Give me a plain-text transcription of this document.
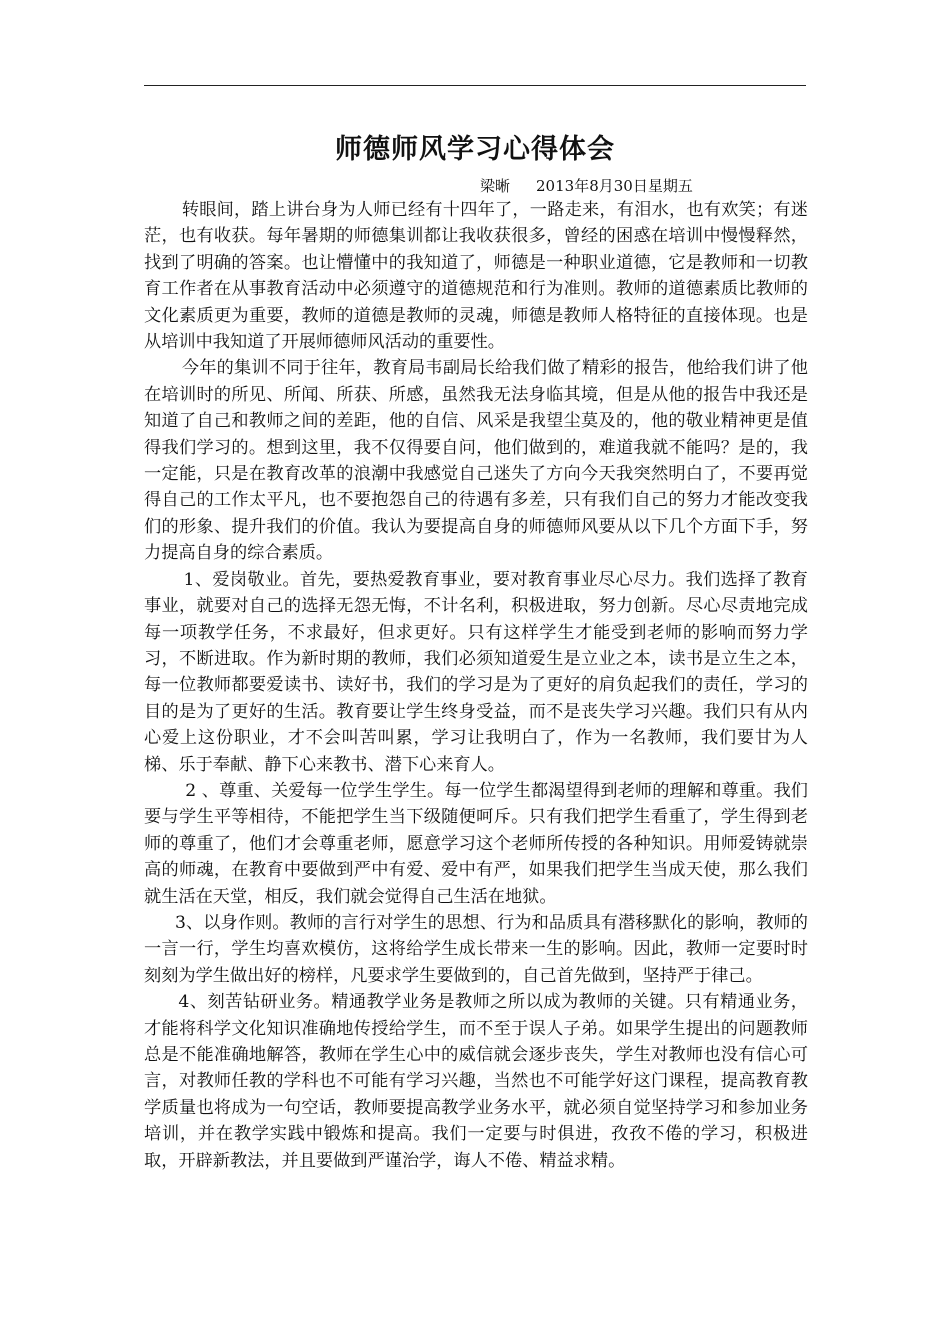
师德师风学习心得体会
梁晰 2013年8月30日星期五

转眼间，踏上讲台身为人师已经有十四年了，一路走来，有泪水，也有欢笑；有迷茫，也有收获。每年暑期的师德集训都让我收获很多，曾经的困惑在培训中慢慢释然，找到了明确的答案。也让懵懂中的我知道了，师德是一种职业道德，它是教师和一切教育工作者在从事教育活动中必须遵守的道德规范和行为准则。教师的道德素质比教师的文化素质更为重要，教师的道德是教师的灵魂，师德是教师人格特征的直接体现。也是从培训中我知道了开展师德师风活动的重要性。

今年的集训不同于往年，教育局韦副局长给我们做了精彩的报告，他给我们讲了他在培训时的所见、所闻、所获、所感，虽然我无法身临其境，但是从他的报告中我还是知道了自己和教师之间的差距，他的自信、风采是我望尘莫及的，他的敬业精神更是值得我们学习的。想到这里，我不仅得要自问，他们做到的，难道我就不能吗？是的，我一定能，只是在教育改革的浪潮中我感觉自己迷失了方向今天我突然明白了，不要再觉得自己的工作太平凡，也不要抱怨自己的待遇有多差，只有我们自己的努力才能改变我们的形象、提升我们的价值。我认为要提高自身的师德师风要从以下几个方面下手，努力提高自身的综合素质。

1、爱岗敬业。首先，要热爱教育事业，要对教育事业尽心尽力。我们选择了教育事业，就要对自己的选择无怨无悔，不计名利，积极进取，努力创新。尽心尽责地完成每一项教学任务，不求最好，但求更好。只有这样学生才能受到老师的影响而努力学习，不断进取。作为新时期的教师，我们必须知道爱生是立业之本，读书是立生之本，每一位教师都要爱读书、读好书，我们的学习是为了更好的肩负起我们的责任，学习的目的是为了更好的生活。教育要让学生终身受益，而不是丧失学习兴趣。我们只有从内心爱上这份职业，才不会叫苦叫累，学习让我明白了，作为一名教师，我们要甘为人梯、乐于奉献、静下心来教书、潜下心来育人。

2 、尊重、关爱每一位学生学生。每一位学生都渴望得到老师的理解和尊重。我们要与学生平等相待，不能把学生当下级随便呵斥。只有我们把学生看重了，学生得到老师的尊重了，他们才会尊重老师，愿意学习这个老师所传授的各种知识。用师爱铸就崇高的师魂，在教育中要做到严中有爱、爱中有严，如果我们把学生当成天使，那么我们就生活在天堂，相反，我们就会觉得自己生活在地狱。

3、以身作则。教师的言行对学生的思想、行为和品质具有潜移默化的影响，教师的一言一行，学生均喜欢模仿，这将给学生成长带来一生的影响。因此，教师一定要时时刻刻为学生做出好的榜样，凡要求学生要做到的，自己首先做到，坚持严于律己。

4、刻苦钻研业务。精通教学业务是教师之所以成为教师的关键。只有精通业务，才能将科学文化知识准确地传授给学生，而不至于误人子弟。如果学生提出的问题教师总是不能准确地解答，教师在学生心中的威信就会逐步丧失，学生对教师也没有信心可言，对教师任教的学科也不可能有学习兴趣，当然也不可能学好这门课程，提高教育教学质量也将成为一句空话，教师要提高教学业务水平，就必须自觉坚持学习和参加业务培训，并在教学实践中锻炼和提高。我们一定要与时俱进，孜孜不倦的学习，积极进取，开辟新教法，并且要做到严谨治学，诲人不倦、精益求精。
